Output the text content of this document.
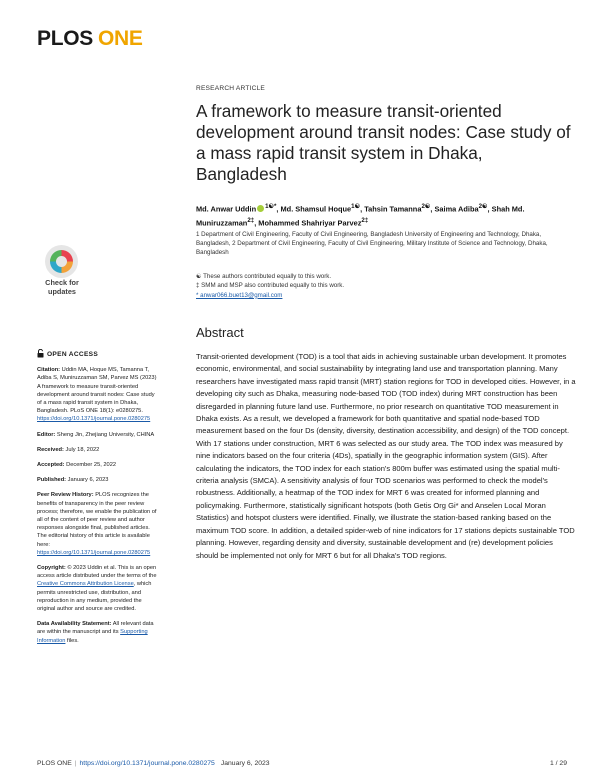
PLOS ONE
RESEARCH ARTICLE
A framework to measure transit-oriented development around transit nodes: Case study of a mass rapid transit system in Dhaka, Bangladesh
Md. Anwar Uddin $^{1☯*}$, Md. Shamsul Hoque$^{1☯}$, Tahsin Tamanna$^{2☯}$, Saima Adiba$^{2☯}$, Shah Md. Muniruzzaman$^{2\ddagger}$, Mohammed Shahriyar Parvez$^{2\ddagger}$
1 Department of Civil Engineering, Faculty of Civil Engineering, Bangladesh University of Engineering and Technology, Dhaka, Bangladesh, 2 Department of Civil Engineering, Faculty of Civil Engineering, Military Institute of Science and Technology, Dhaka, Bangladesh
☯ These authors contributed equally to this work.
‡ SMM and MSP also contributed equally to this work.
* anwar066.buet13@gmail.com
Check for
updates
OPEN ACCESS
Citation: Uddin MA, Hoque MS, Tamanna T, Adiba S, Muniruzzaman SM, Parvez MS (2023) A framework to measure transit-oriented development around transit nodes: Case study of a mass rapid transit system in Dhaka, Bangladesh. PLoS ONE 18(1): e0280275. https://doi.org/10.1371/journal.pone.0280275
Editor: Sheng Jin, Zhejiang University, CHINA
Received: July 18, 2022
Accepted: December 25, 2022
Published: January 6, 2023
Peer Review History: PLOS recognizes the benefits of transparency in the peer review process; therefore, we enable the publication of all of the content of peer review and author responses alongside final, published articles. The editorial history of this article is available here: https://doi.org/10.1371/journal.pone.0280275
Copyright: © 2023 Uddin et al. This is an open access article distributed under the terms of the Creative Commons Attribution License, which permits unrestricted use, distribution, and reproduction in any medium, provided the original author and source are credited.
Data Availability Statement: All relevant data are within the manuscript and its Supporting Information files.
Abstract
Transit-oriented development (TOD) is a tool that aids in achieving sustainable urban development. It promotes economic, environmental, and social sustainability by integrating land use and transportation planning. Many researchers have investigated mass rapid transit (MRT) station regions for TOD in developed cities. However, in a developing city such as Dhaka, measuring node-based TOD (TOD index) during MRT construction has been disregarded in planning future land use. Furthermore, no prior research on quantitative TOD measurement in Dhaka exists. As a result, we developed a framework for both quantitative and spatial node-based TOD measurement based on the four Ds (density, diversity, destination accessibility, and design) of the TOD concept. With 17 stations under construction, MRT 6 was selected as our study area. The TOD index was measured by nine indicators based on the four criteria (4Ds), spatially in the geographic information system (GIS). After calculating the indicators, the TOD index for each station's 800m buffer was estimated using the spatial multi-criteria analysis (SMCA). A sensitivity analysis of four TOD scenarios was performed to check the model's robustness. Additionally, a heatmap of the TOD index for MRT 6 was created for informed planning and policymaking. Furthermore, statistically significant hotspots (both Getis Org Gi* and Anselen Local Moran Statistics) and hotspot clusters were identified. Finally, we illustrate the station-based ranking based on the maximum TOD score. In addition, a detailed spider-web of nine indicators for 17 stations depicts sustainable TOD planning. However, regarding density and diversity, sustainable development and (re) development policies should be implemented not only for MRT 6 but for all Dhaka's TOD regions.
PLOS ONE | https://doi.org/10.1371/journal.pone.0280275 January 6, 2023	1 / 29
